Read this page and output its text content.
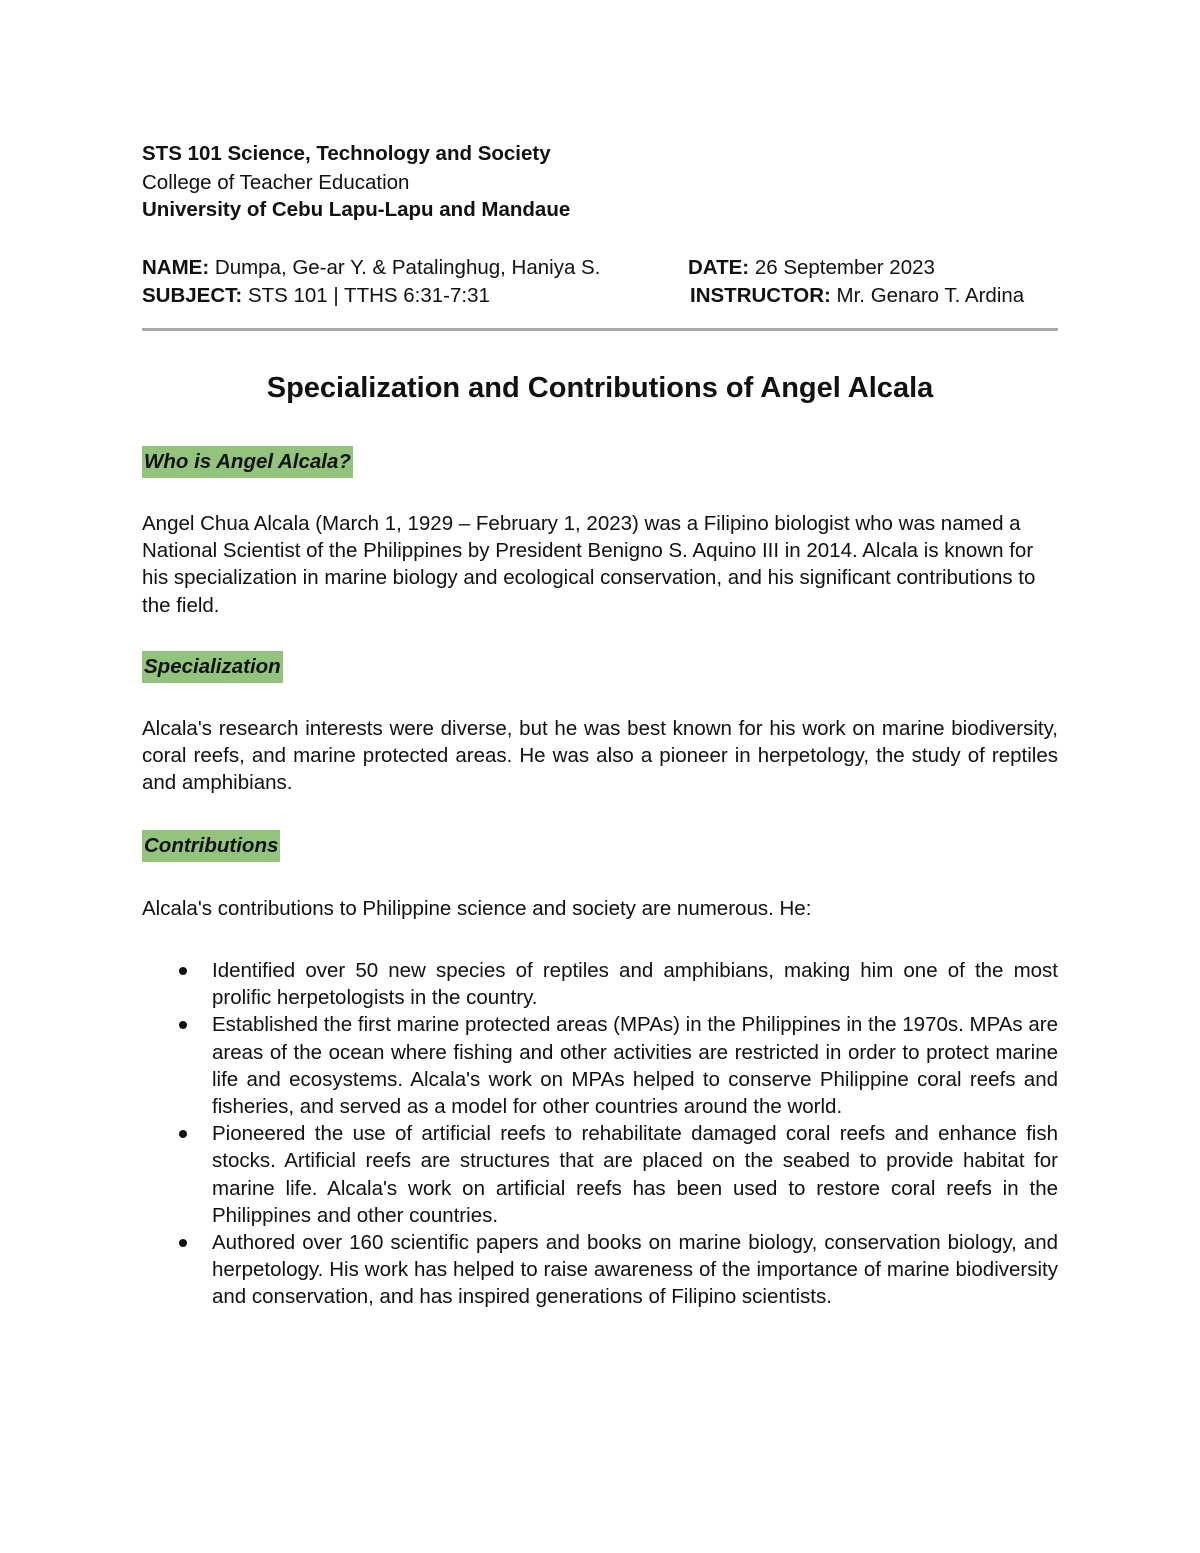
STS 101 Science, Technology and Society
College of Teacher Education
University of Cebu Lapu-Lapu and Mandaue
NAME: Dumpa, Ge-ar Y. & Patalinghug, Haniya S.	DATE: 26 September 2023
SUBJECT: STS 101 | TTHS 6:31-7:31	INSTRUCTOR: Mr. Genaro T. Ardina
Specialization and Contributions of Angel Alcala
Who is Angel Alcala?
Angel Chua Alcala (March 1, 1929 – February 1, 2023) was a Filipino biologist who was named a National Scientist of the Philippines by President Benigno S. Aquino III in 2014. Alcala is known for his specialization in marine biology and ecological conservation, and his significant contributions to the field.
Specialization
Alcala's research interests were diverse, but he was best known for his work on marine biodiversity, coral reefs, and marine protected areas. He was also a pioneer in herpetology, the study of reptiles and amphibians.
Contributions
Alcala's contributions to Philippine science and society are numerous. He:
Identified over 50 new species of reptiles and amphibians, making him one of the most prolific herpetologists in the country.
Established the first marine protected areas (MPAs) in the Philippines in the 1970s. MPAs are areas of the ocean where fishing and other activities are restricted in order to protect marine life and ecosystems. Alcala's work on MPAs helped to conserve Philippine coral reefs and fisheries, and served as a model for other countries around the world.
Pioneered the use of artificial reefs to rehabilitate damaged coral reefs and enhance fish stocks. Artificial reefs are structures that are placed on the seabed to provide habitat for marine life. Alcala's work on artificial reefs has been used to restore coral reefs in the Philippines and other countries.
Authored over 160 scientific papers and books on marine biology, conservation biology, and herpetology. His work has helped to raise awareness of the importance of marine biodiversity and conservation, and has inspired generations of Filipino scientists.
